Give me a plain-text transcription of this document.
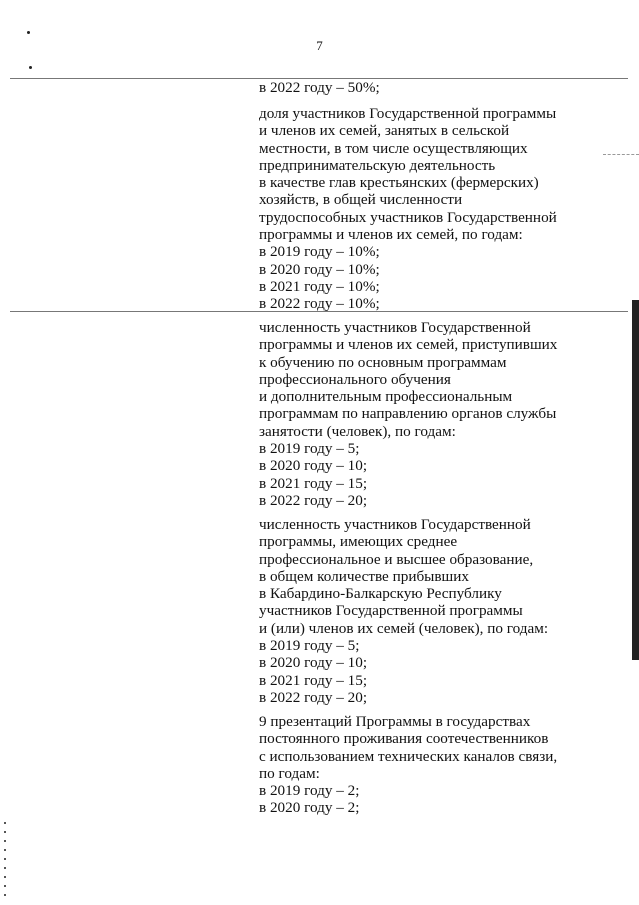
7
в 2022 году – 50%;
доля участников Государственной программы
и членов их семей, занятых в сельской
местности, в том числе осуществляющих
предпринимательскую деятельность
в качестве глав крестьянских (фермерских)
хозяйств, в общей численности
трудоспособных участников Государственной
программы и членов их семей, по годам:
в 2019 году – 10%;
в 2020 году – 10%;
в 2021 году – 10%;
в 2022 году – 10%;
численность участников Государственной
программы и членов их семей, приступивших
к обучению по основным программам
профессионального обучения
и дополнительным профессиональным
программам по направлению органов службы
занятости (человек), по годам:
в 2019 году – 5;
в 2020 году – 10;
в 2021 году – 15;
в 2022 году – 20;
численность участников Государственной
программы, имеющих среднее
профессиональное и высшее образование,
в общем количестве прибывших
в Кабардино-Балкарскую Республику
участников Государственной программы
и (или) членов их семей (человек), по годам:
в 2019 году – 5;
в 2020 году – 10;
в 2021 году – 15;
в 2022 году – 20;
9 презентаций Программы в государствах
постоянного проживания соотечественников
с использованием технических каналов связи,
по годам:
в 2019 году – 2;
в 2020 году – 2;
